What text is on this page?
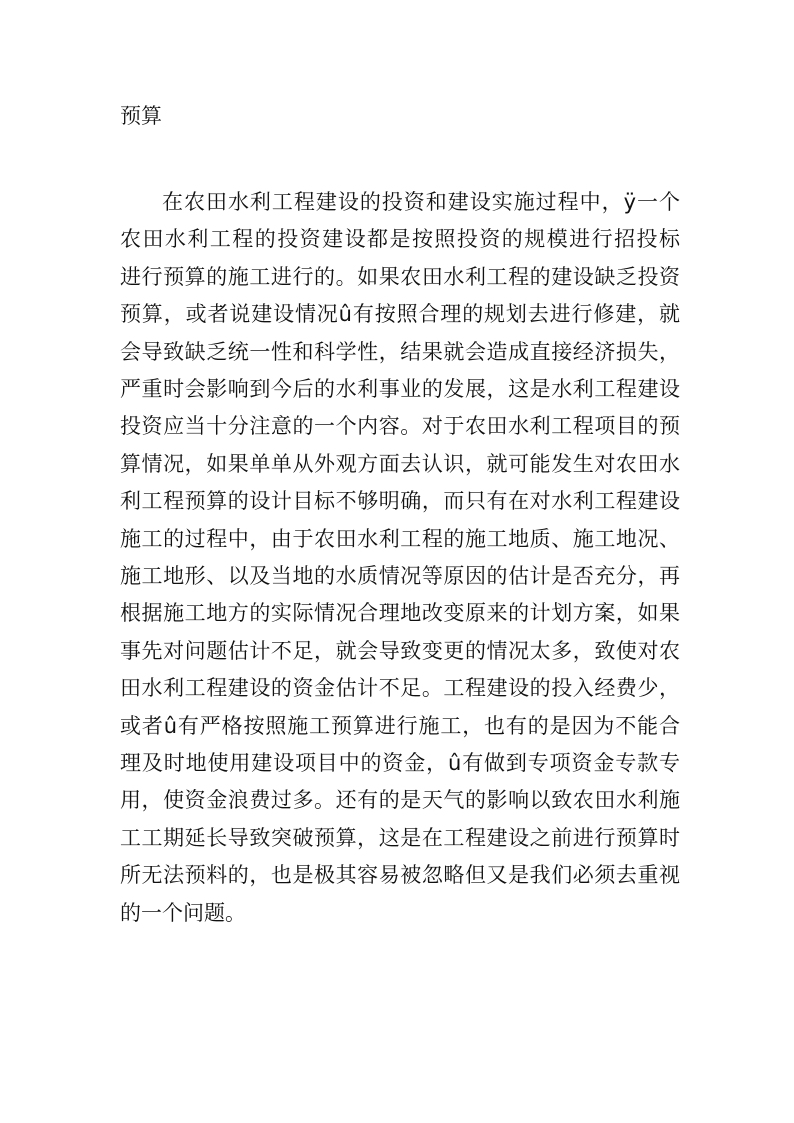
预算
在农田水利工程建设的投资和建设实施过程中，ÿ一个
农田水利工程的投资建设都是按照投资的规模进行招投标
进行预算的施工进行的。如果农田水利工程的建设缺乏投资
预算，或者说建设情况û有按照合理的规划去进行修建，就
会导致缺乏统一性和科学性，结果就会造成直接经济损失，
严重时会影响到今后的水利事业的发展，这是水利工程建设
投资应当十分注意的一个内容。对于农田水利工程项目的预
算情况，如果单单从外观方面去认识，就可能发生对农田水
利工程预算的设计目标不够明确，而只有在对水利工程建设
施工的过程中，由于农田水利工程的施工地质、施工地况、
施工地形、以及当地的水质情况等原因的估计是否充分，再
根据施工地方的实际情况合理地改变原来的计划方案，如果
事先对问题估计不足，就会导致变更的情况太多，致使对农
田水利工程建设的资金估计不足。工程建设的投入经费少，
或者û有严格按照施工预算进行施工，也有的是因为不能合
理及时地使用建设项目中的资金，û有做到专项资金专款专
用，使资金浪费过多。还有的是天气的影响以致农田水利施
工工期延长导致突破预算，这是在工程建设之前进行预算时
所无法预料的，也是极其容易被忽略但又是我们必须去重视
的一个问题。
